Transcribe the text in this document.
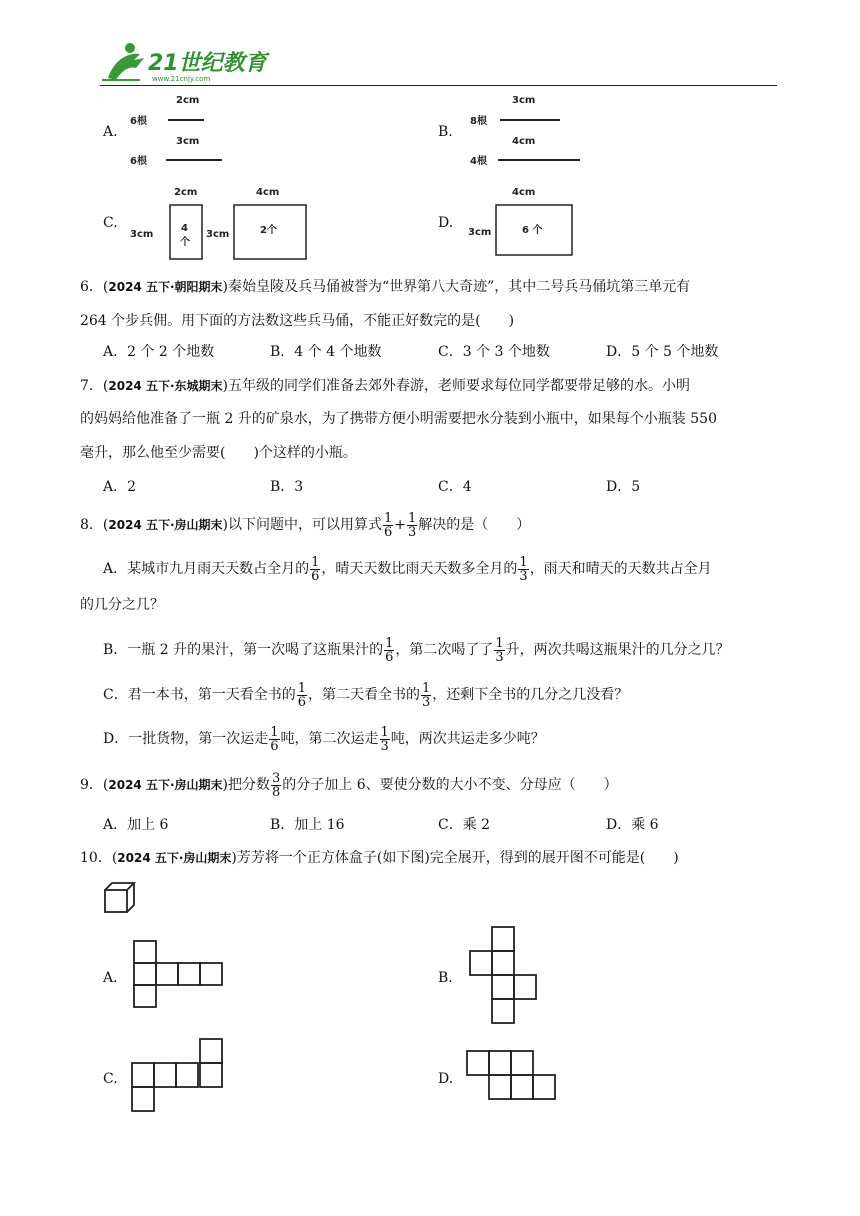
21世纪教育
www.21cnjy.com
A.
2cm
6根
3cm
6根
B.
3cm
8根
4cm
4根
C.
2cm
3cm
4
个
4cm
3cm	2个	D.
4cm
3cm	6 个
6．(2024 五下·朝阳期末)秦始皇陵及兵马俑被誉为“世界第八大奇迹”，其中二号兵马俑坑第三单元有
264 个步兵佣。用下面的方法数这些兵马俑，不能正好数完的是(　　)
A．2 个 2 个地数	B．4 个 4 个地数	C．3 个 3 个地数	D．5 个 5 个地数
7．(2024 五下·东城期末)五年级的同学们准备去郊外春游，老师要求每位同学都要带足够的水。小明
的妈妈给他准备了一瓶 2 升的矿泉水，为了携带方便小明需要把水分装到小瓶中，如果每个小瓶装 550
毫升，那么他至少需要(　　)个这样的小瓶。
A．2	B．3	C．4	D．5
8．(2024 五下·房山期末)以下问题中，可以用算式 $\frac{1}{6} + \frac{1}{3}$ 解决的是（　　）
A．某城市九月雨天天数占全月的 $\frac{1}{6}$ ，晴天天数比雨天天数多全月的 $\frac{1}{3}$ ，雨天和晴天的天数共占全月
的几分之几？
B．一瓶 2 升的果汁，第一次喝了这瓶果汁的 $\frac{1}{6}$ ，第二次喝了了 $\frac{1}{3}$ 升，两次共喝这瓶果汁的几分之几？
C．君一本书，第一天看全书的 $\frac{1}{6}$ ，第二天看全书的 $\frac{1}{3}$ ，还剩下全书的几分之几没看？
D．一批货物，第一次运走 $\frac{1}{6}$ 吨，第二次运走 $\frac{1}{3}$ 吨，两次共运走多少吨？
9．(2024 五下·房山期末)把分数 $\frac{3}{8}$ 的分子加上 6、要使分数的大小不变、分母应（　　）
A．加上 6	B．加上 16	C．乘 2	D．乘 6
10．(2024 五下·房山期末)芳芳将一个正方体盒子(如下图)完全展开，得到的展开图不可能是(　　)
A.	B.
C.	D.
